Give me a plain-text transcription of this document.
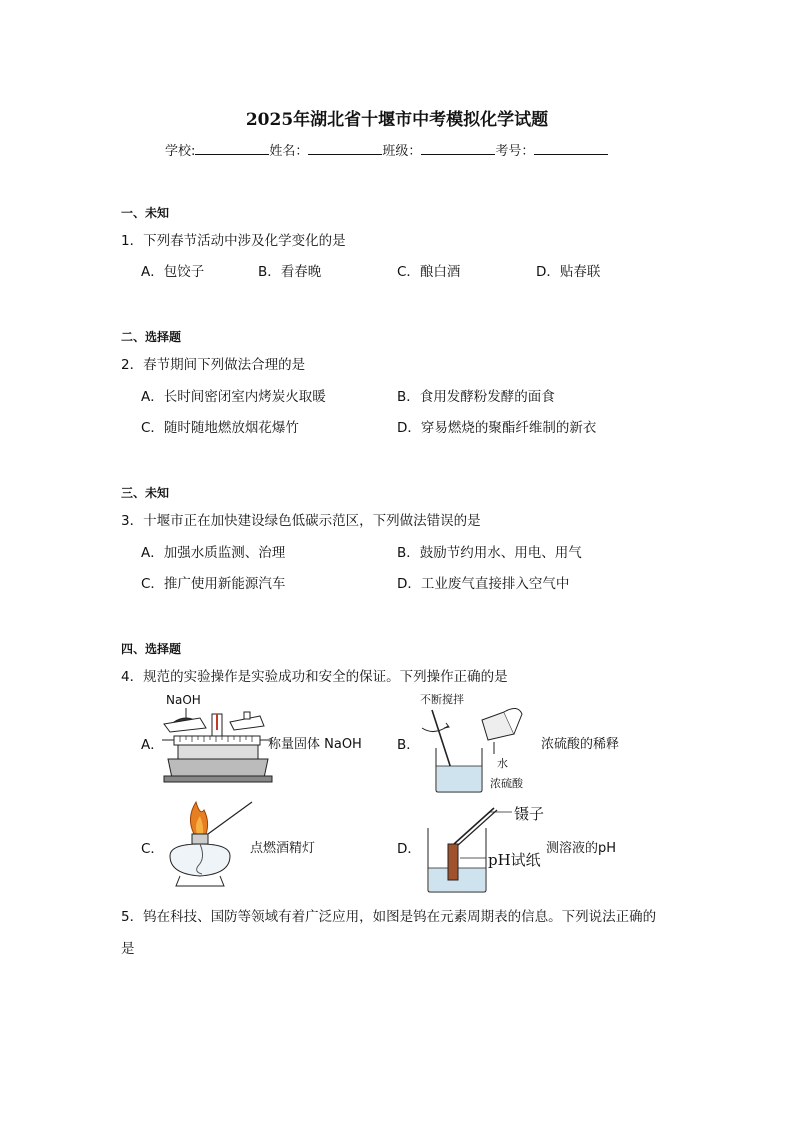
2025年湖北省十堰市中考模拟化学试题
学校:	姓名：	班级：	考号：
一、未知
1．下列春节活动中涉及化学变化的是
A．包饺子	B．看春晚	C．酿白酒	D．贴春联
二、选择题
2．春节期间下列做法合理的是
A．长时间密闭室内烤炭火取暖	B．食用发酵粉发酵的面食
C．随时随地燃放烟花爆竹	D．穿易燃烧的聚酯纤维制的新衣
三、未知
3．十堰市正在加快建设绿色低碳示范区，下列做法错误的是
A．加强水质监测、治理	B．鼓励节约用水、用电、用气
C．推广使用新能源汽车	D．工业废气直接排入空气中
四、选择题
4．规范的实验操作是实验成功和安全的保证。下列操作正确的是
A．
NaOH
称量固体 NaOH	B．
不断搅拌
水
浓硫酸
浓硫酸的稀释
C．	点燃酒精灯	D．
镊子
pH试纸
测溶液的pH
5．钨在科技、国防等领域有着广泛应用，如图是钨在元素周期表的信息。下列说法正确的
是
